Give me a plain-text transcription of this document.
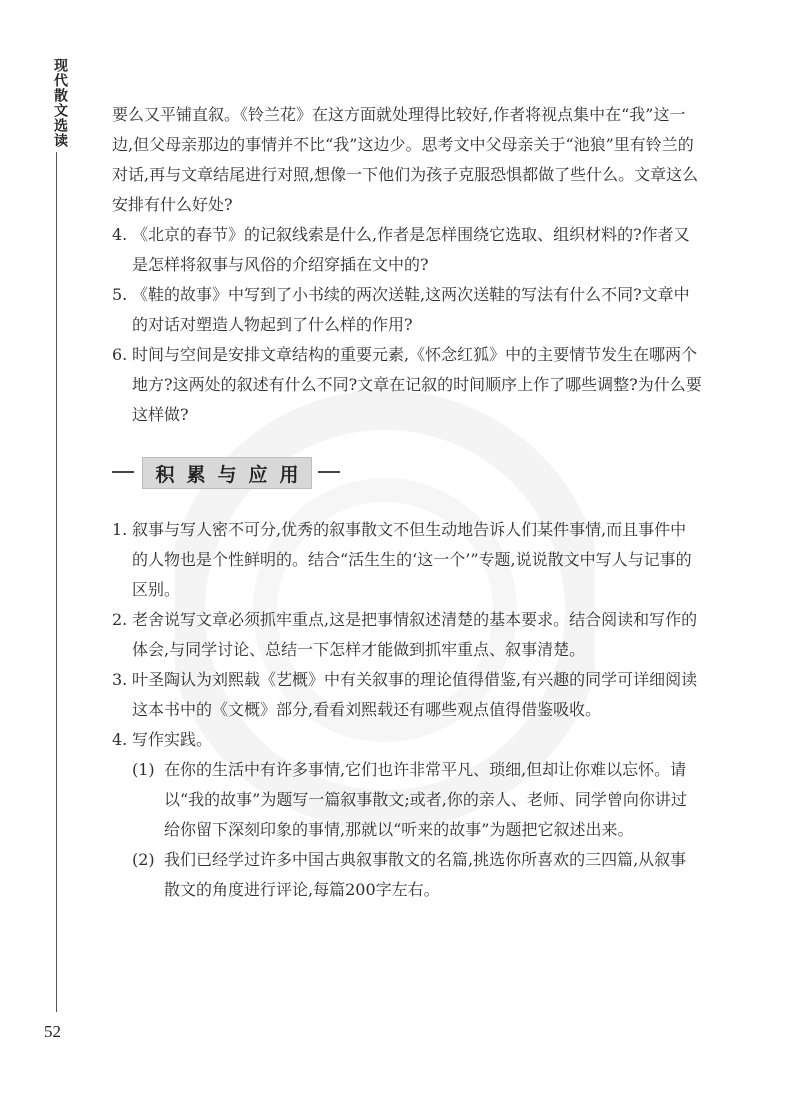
现代散文选读
52

要么又平铺直叙。《铃兰花》在这方面就处理得比较好,作者将视点集中在“我”这一边,但父母亲那边的事情并不比“我”这边少。思考文中父母亲关于“池狼”里有铃兰的对话,再与文章结尾进行对照,想像一下他们为孩子克服恐惧都做了些什么。文章这么安排有什么好处?

4. 《北京的春节》的记叙线索是什么,作者是怎样围绕它选取、组织材料的?作者又是怎样将叙事与风俗的介绍穿插在文中的?

5. 《鞋的故事》中写到了小书续的两次送鞋,这两次送鞋的写法有什么不同?文章中的对话对塑造人物起到了什么样的作用?

6. 时间与空间是安排文章结构的重要元素,《怀念红狐》中的主要情节发生在哪两个地方?这两处的叙述有什么不同?文章在记叙的时间顺序上作了哪些调整?为什么要这样做?

积累与应用

1. 叙事与写人密不可分,优秀的叙事散文不但生动地告诉人们某件事情,而且事件中的人物也是个性鲜明的。结合“活生生的‘这一个’”专题,说说散文中写人与记事的区别。

2. 老舍说写文章必须抓牢重点,这是把事情叙述清楚的基本要求。结合阅读和写作的体会,与同学讨论、总结一下怎样才能做到抓牢重点、叙事清楚。

3. 叶圣陶认为刘熙载《艺概》中有关叙事的理论值得借鉴,有兴趣的同学可详细阅读这本书中的《文概》部分,看看刘熙载还有哪些观点值得借鉴吸收。

4. 写作实践。

(1) 在你的生活中有许多事情,它们也许非常平凡、琐细,但却让你难以忘怀。请以“我的故事”为题写一篇叙事散文;或者,你的亲人、老师、同学曾向你讲过给你留下深刻印象的事情,那就以“听来的故事”为题把它叙述出来。

(2) 我们已经学过许多中国古典叙事散文的名篇,挑选你所喜欢的三四篇,从叙事散文的角度进行评论,每篇200字左右。
